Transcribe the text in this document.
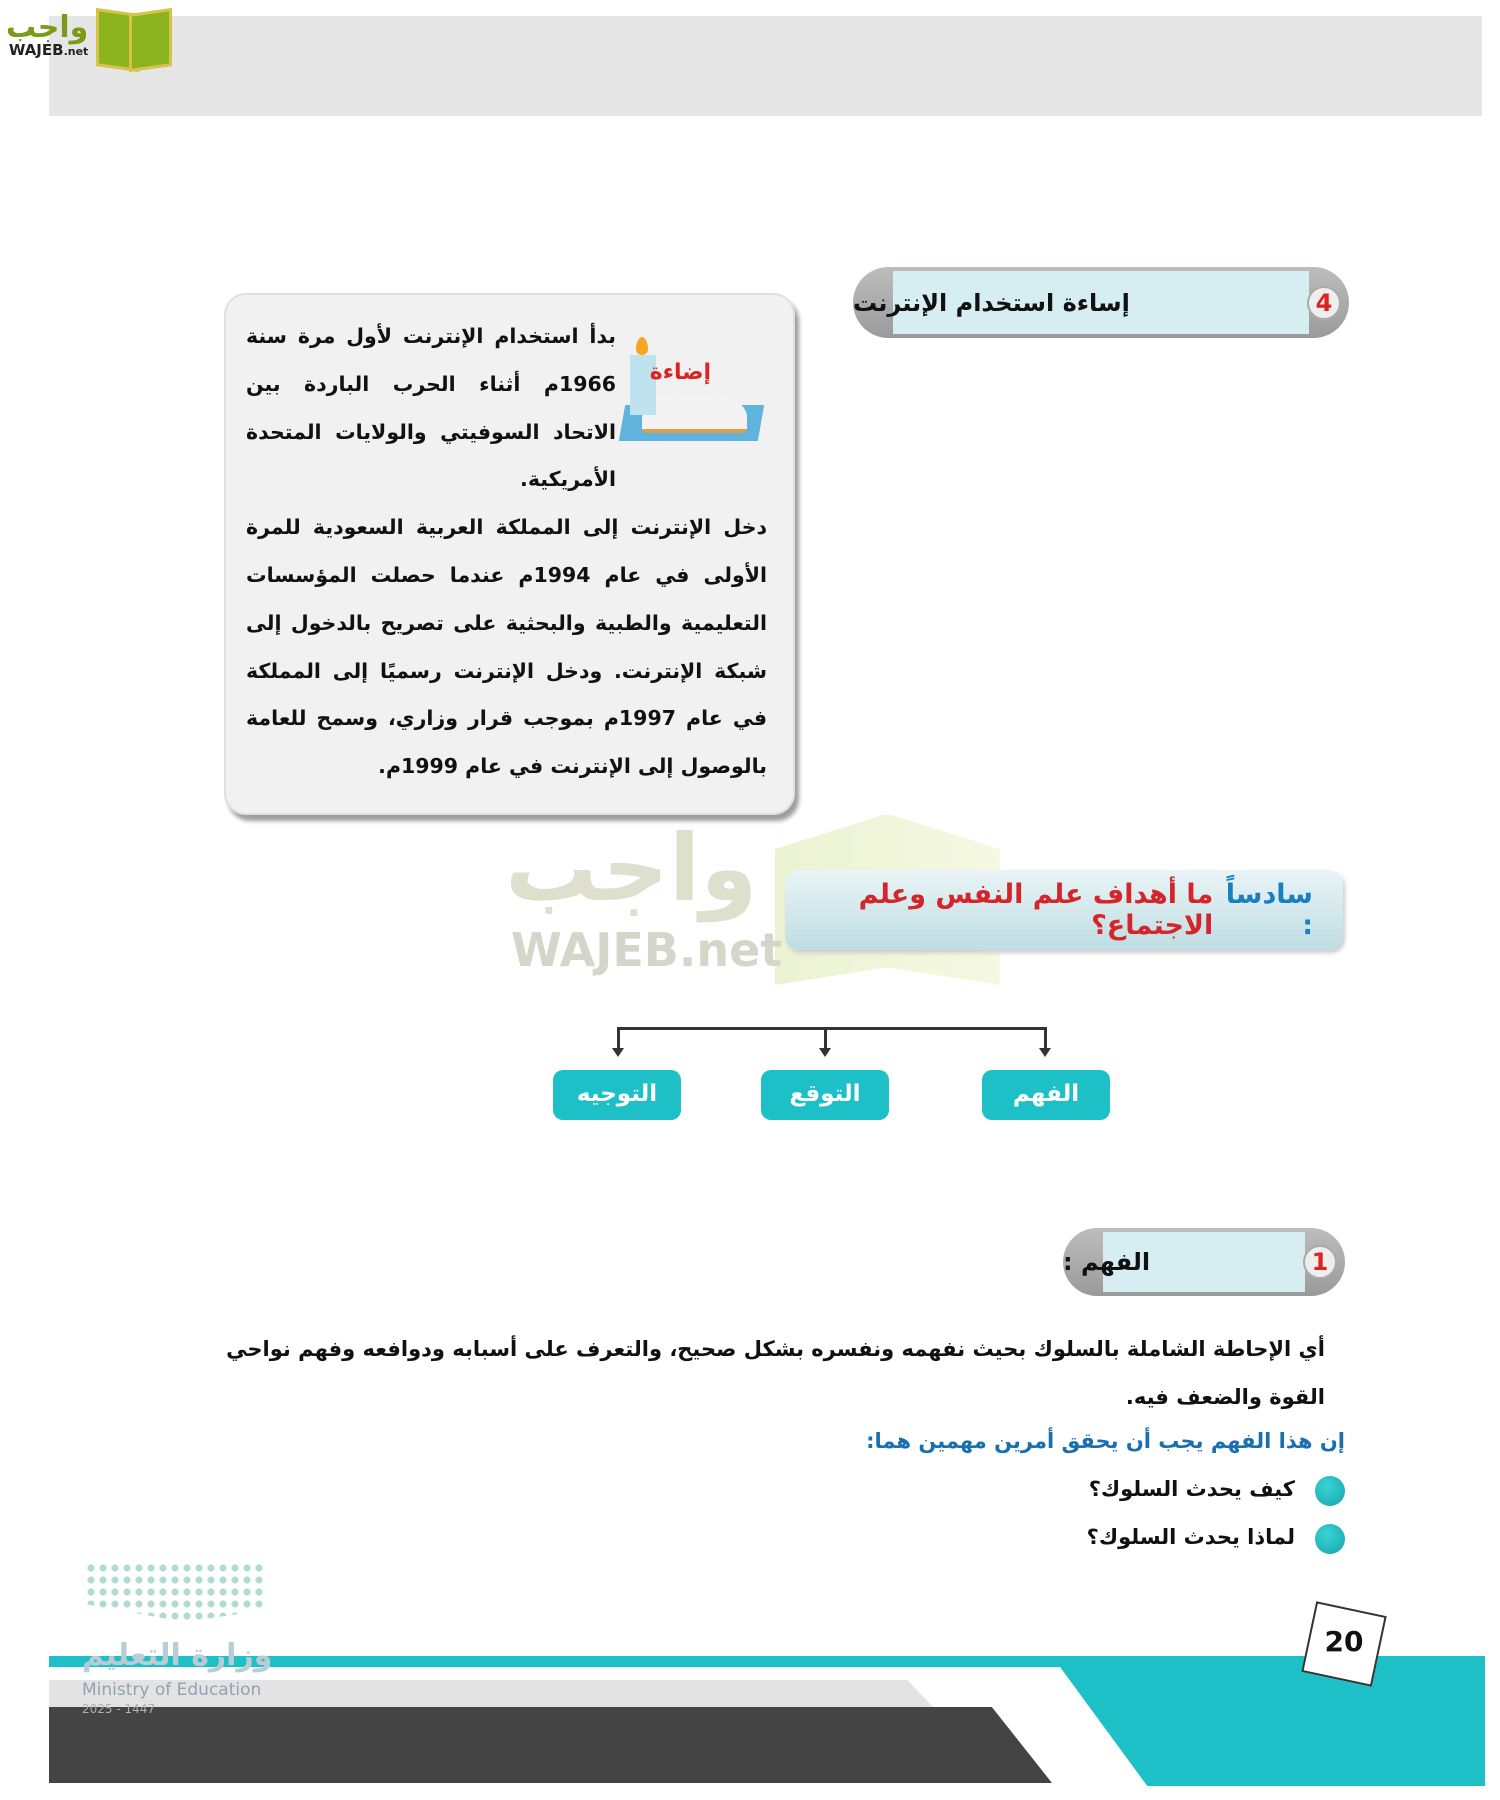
واجب
WAJEB.net
4
إساءة استخدام الإنترنت
إضاءة

بدأ استخدام الإنترنت لأول مرة سنة 1966م أثناء الحرب الباردة بين الاتحاد السوفيتي والولايات المتحدة الأمريكية.

دخل الإنترنت إلى المملكة العربية السعودية للمرة الأولى في عام 1994م عندما حصلت المؤسسات التعليمية والطبية والبحثية على تصريح بالدخول إلى شبكة الإنترنت. ودخل الإنترنت رسميًا إلى المملكة في عام 1997م بموجب قرار وزاري، وسمح للعامة بالوصول إلى الإنترنت في عام 1999م.

واجب
WAJEB.net
سادساً :

ما أهداف علم النفس وعلم الاجتماع؟
الفهم
التوقع
التوجيه
1
الفهم :
أي الإحاطة الشاملة بالسلوك بحيث نفهمه ونفسره بشكل صحيح، والتعرف على أسبابه ودوافعه وفهم نواحي القوة والضعف فيه.
إن هذا الفهم يجب أن يحقق أمرين مهمين هما:
كيف يحدث السلوك؟
لماذا يحدث السلوك؟
20
وزارة التعليم
Ministry of Education
2025 - 1447
